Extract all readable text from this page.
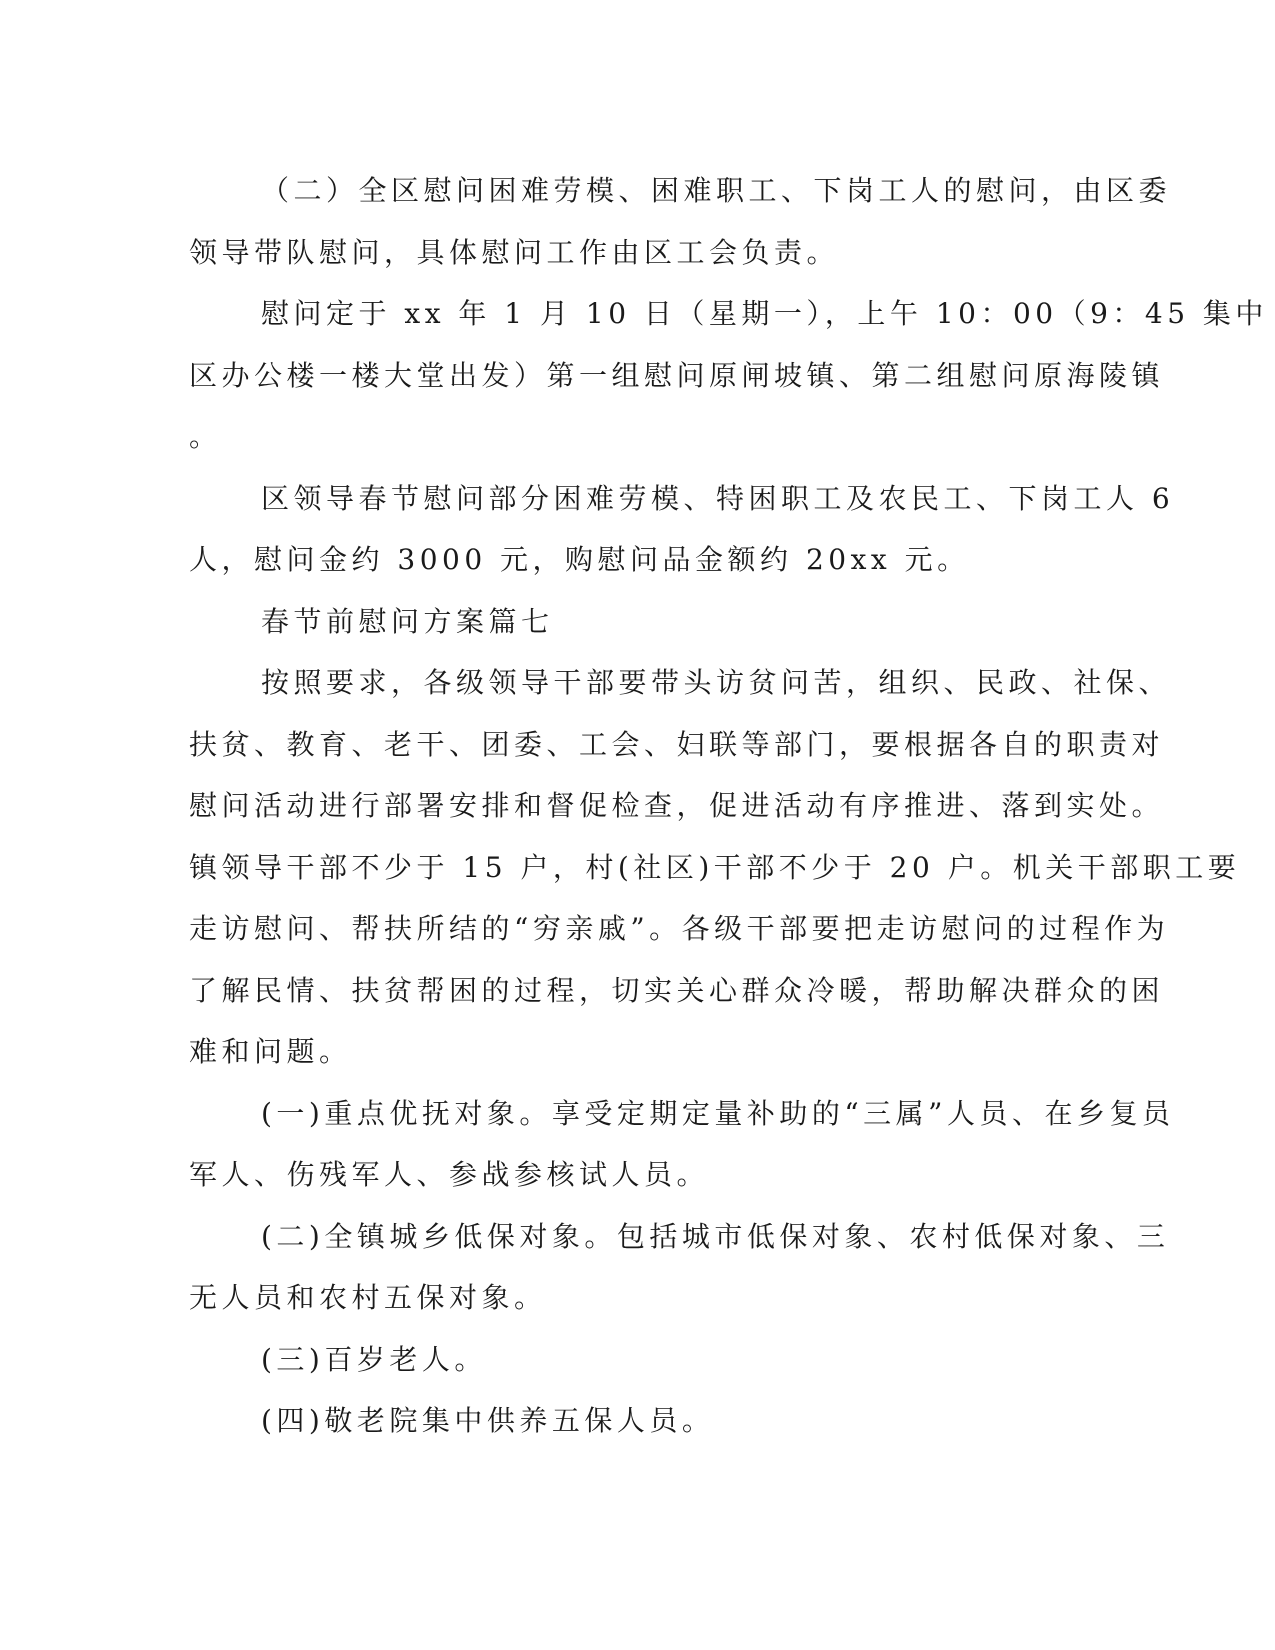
（二）全区慰问困难劳模、困难职工、下岗工人的慰问，由区委
领导带队慰问，具体慰问工作由区工会负责。

慰问定于 xx 年 1 月 10 日（星期一），上午 10：00（9：45 集中
区办公楼一楼大堂出发）第一组慰问原闸坡镇、第二组慰问原海陵镇
。

区领导春节慰问部分困难劳模、特困职工及农民工、下岗工人 6
人，慰问金约 3000 元，购慰问品金额约 20xx 元。

春节前慰问方案篇七

按照要求，各级领导干部要带头访贫问苦，组织、民政、社保、
扶贫、教育、老干、团委、工会、妇联等部门，要根据各自的职责对
慰问活动进行部署安排和督促检查，促进活动有序推进、落到实处。
镇领导干部不少于 15 户，村(社区)干部不少于 20 户。机关干部职工要
走访慰问、帮扶所结的“穷亲戚”。各级干部要把走访慰问的过程作为
了解民情、扶贫帮困的过程，切实关心群众冷暖，帮助解决群众的困
难和问题。

(一)重点优抚对象。享受定期定量补助的“三属”人员、在乡复员
军人、伤残军人、参战参核试人员。

(二)全镇城乡低保对象。包括城市低保对象、农村低保对象、三
无人员和农村五保对象。

(三)百岁老人。

(四)敬老院集中供养五保人员。
